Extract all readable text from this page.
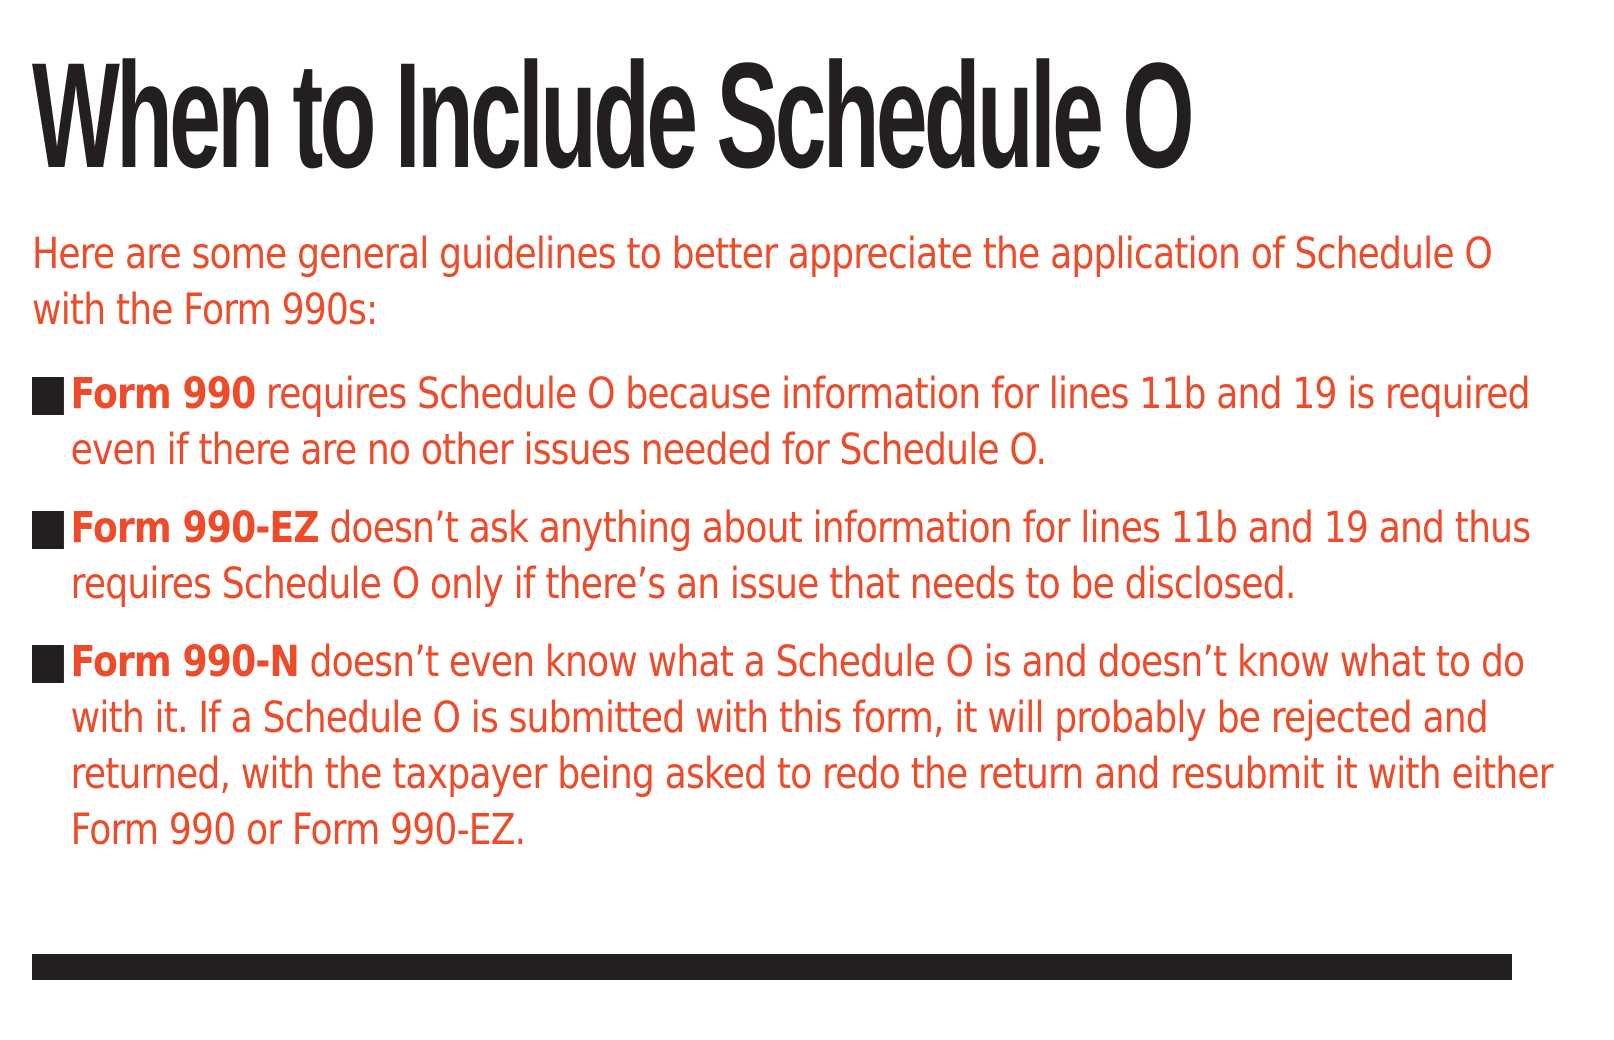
When to Include Schedule O

Here are some general guidelines to better appreciate the application of Schedule O with the Form 990s:

Form 990 requires Schedule O because information for lines 11b and 19 is required even if there are no other issues needed for Schedule O.
Form 990-EZ doesn’t ask anything about information for lines 11b and 19 and thus requires Schedule O only if there’s an issue that needs to be disclosed.
Form 990-N doesn’t even know what a Schedule O is and doesn’t know what to do with it. If a Schedule O is submitted with this form, it will probably be rejected and returned, with the taxpayer being asked to redo the return and resubmit it with either Form 990 or Form 990-EZ.
